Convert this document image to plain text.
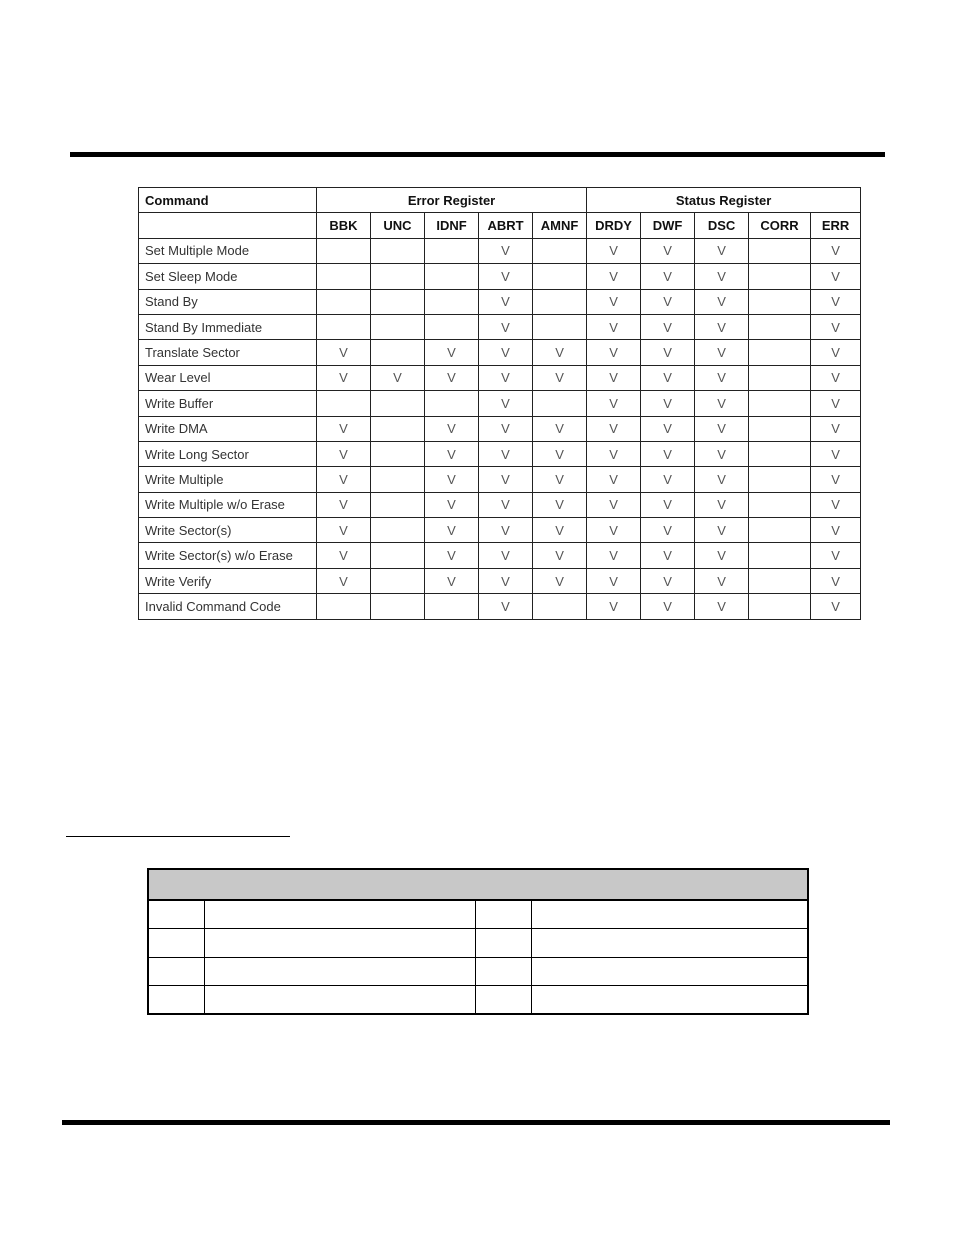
Command	Error Register					Status Register				
	BBK	UNC	IDNF	ABRT	AMNF	DRDY	DWF	DSC	CORR	ERR
Set Multiple Mode				V		V	V	V		V
Set Sleep Mode				V		V	V	V		V
Stand By				V		V	V	V		V
Stand By Immediate				V		V	V	V		V
Translate Sector	V		V	V	V	V	V	V		V
Wear Level	V	V	V	V	V	V	V	V		V
Write Buffer				V		V	V	V		V
Write DMA	V		V	V	V	V	V	V		V
Write Long Sector	V		V	V	V	V	V	V		V
Write Multiple	V		V	V	V	V	V	V		V
Write Multiple w/o Erase	V		V	V	V	V	V	V		V
Write Sector(s)	V		V	V	V	V	V	V		V
Write Sector(s) w/o Erase	V		V	V	V	V	V	V		V
Write Verify	V		V	V	V	V	V	V		V
Invalid Command Code				V		V	V	V		V
